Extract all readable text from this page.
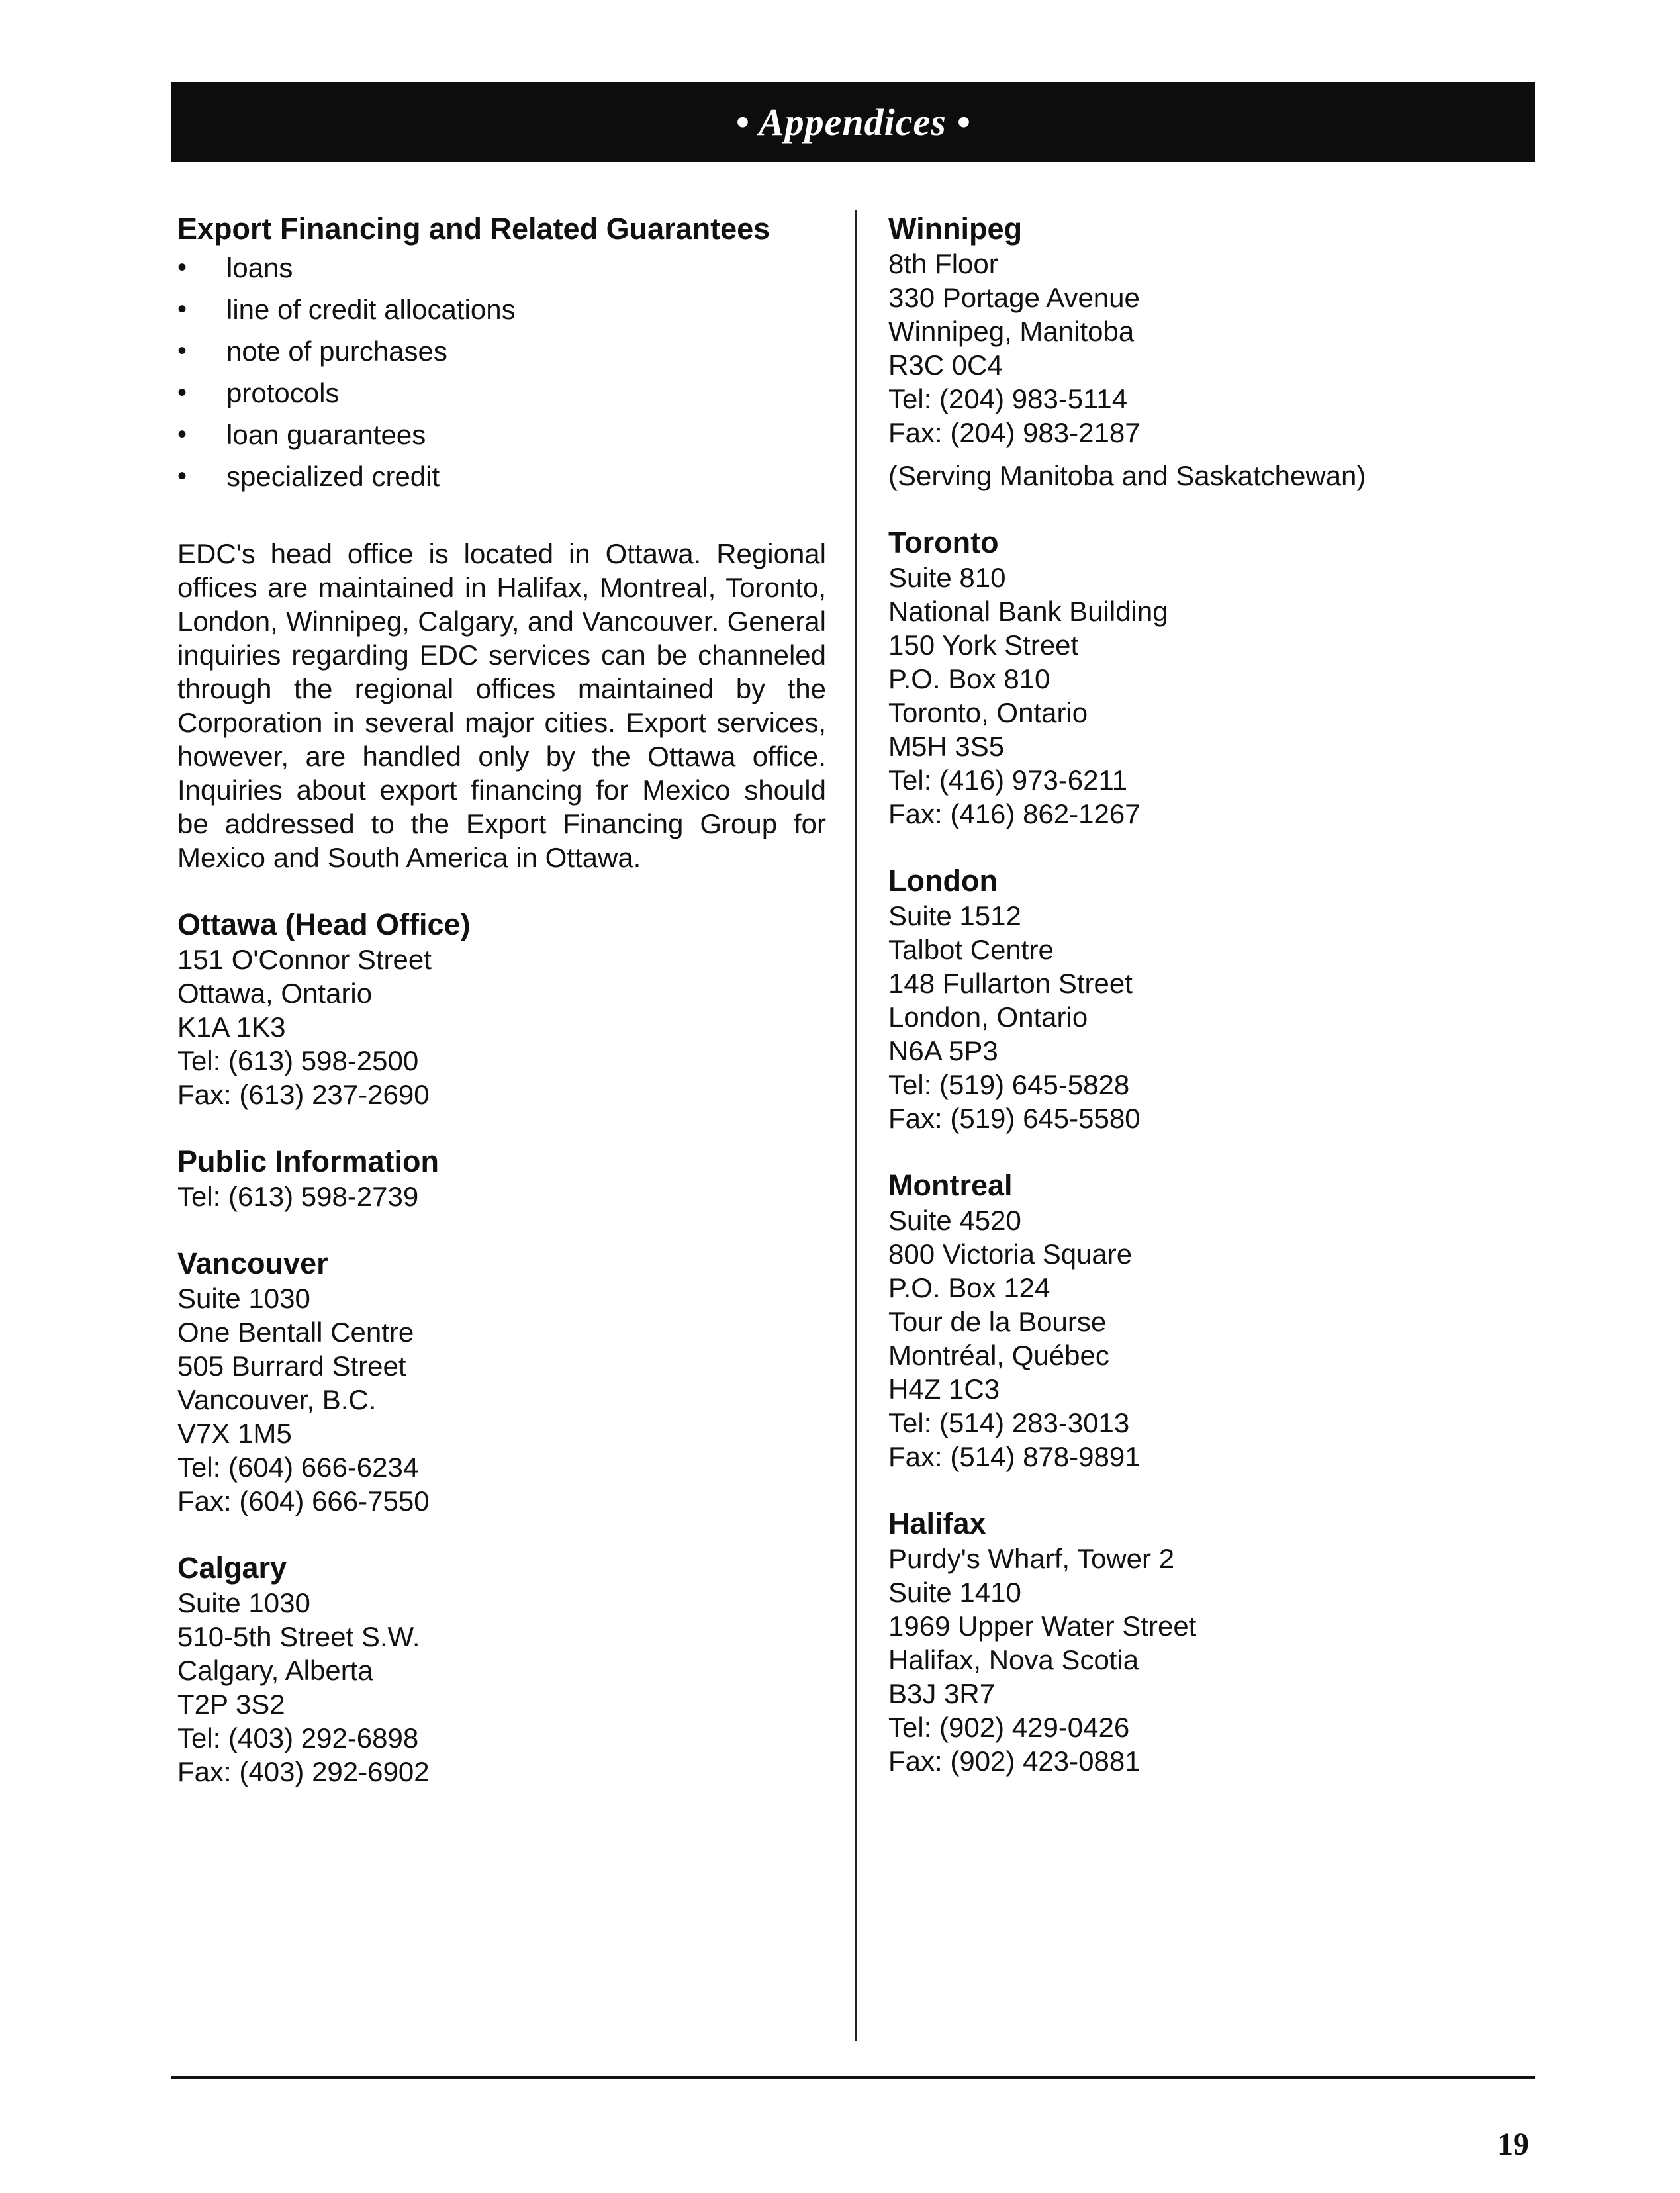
• Appendices •
Export Financing and Related Guarantees
• loans
• line of credit allocations
• note of purchases
• protocols
• loan guarantees
• specialized credit
EDC's head office is located in Ottawa. Regional offices are maintained in Halifax, Montreal, Toronto, London, Winnipeg, Calgary, and Vancouver. General inquiries regarding EDC services can be channeled through the regional offices maintained by the Corporation in several major cities. Export services, however, are handled only by the Ottawa office. Inquiries about export financing for Mexico should be addressed to the Export Financing Group for Mexico and South America in Ottawa.
Ottawa (Head Office)
151 O'Connor Street
Ottawa, Ontario
K1A 1K3
Tel: (613) 598-2500
Fax: (613) 237-2690
Public Information
Tel: (613) 598-2739
Vancouver
Suite 1030
One Bentall Centre
505 Burrard Street
Vancouver, B.C.
V7X 1M5
Tel: (604) 666-6234
Fax: (604) 666-7550
Calgary
Suite 1030
510-5th Street S.W.
Calgary, Alberta
T2P 3S2
Tel: (403) 292-6898
Fax: (403) 292-6902
Winnipeg
8th Floor
330 Portage Avenue
Winnipeg, Manitoba
R3C 0C4
Tel: (204) 983-5114
Fax: (204) 983-2187
(Serving Manitoba and Saskatchewan)
Toronto
Suite 810
National Bank Building
150 York Street
P.O. Box 810
Toronto, Ontario
M5H 3S5
Tel: (416) 973-6211
Fax: (416) 862-1267
London
Suite 1512
Talbot Centre
148 Fullarton Street
London, Ontario
N6A 5P3
Tel: (519) 645-5828
Fax: (519) 645-5580
Montreal
Suite 4520
800 Victoria Square
P.O. Box 124
Tour de la Bourse
Montréal, Québec
H4Z 1C3
Tel: (514) 283-3013
Fax: (514) 878-9891
Halifax
Purdy's Wharf, Tower 2
Suite 1410
1969 Upper Water Street
Halifax, Nova Scotia
B3J 3R7
Tel: (902) 429-0426
Fax: (902) 423-0881
19
